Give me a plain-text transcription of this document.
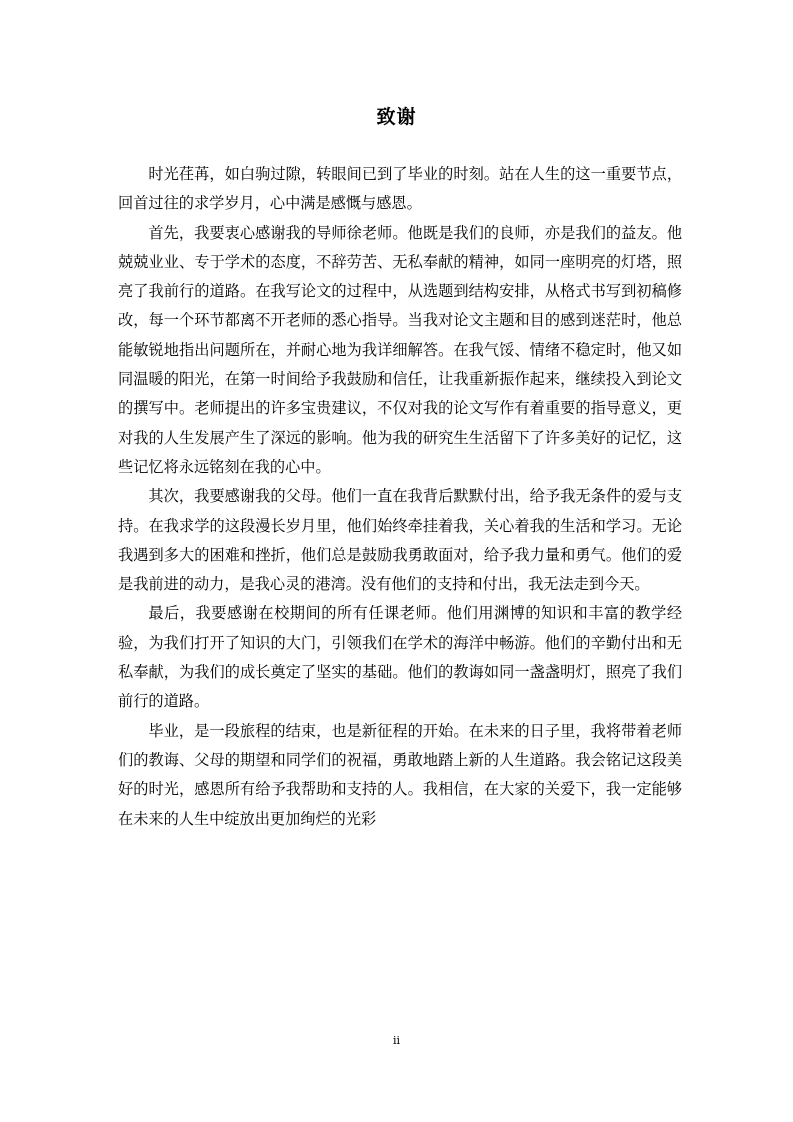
致谢

时光荏苒，如白驹过隙，转眼间已到了毕业的时刻。站在人生的这一重要节点，回首过往的求学岁月，心中满是感慨与感恩。

首先，我要衷心感谢我的导师徐老师。他既是我们的良师，亦是我们的益友。他兢兢业业、专于学术的态度，不辞劳苦、无私奉献的精神，如同一座明亮的灯塔，照亮了我前行的道路。在我写论文的过程中，从选题到结构安排，从格式书写到初稿修改，每一个环节都离不开老师的悉心指导。当我对论文主题和目的感到迷茫时，他总能敏锐地指出问题所在，并耐心地为我详细解答。在我气馁、情绪不稳定时，他又如同温暖的阳光，在第一时间给予我鼓励和信任，让我重新振作起来，继续投入到论文的撰写中。老师提出的许多宝贵建议，不仅对我的论文写作有着重要的指导意义，更对我的人生发展产生了深远的影响。他为我的研究生生活留下了许多美好的记忆，这些记忆将永远铭刻在我的心中。

其次，我要感谢我的父母。他们一直在我背后默默付出，给予我无条件的爱与支持。在我求学的这段漫长岁月里，他们始终牵挂着我，关心着我的生活和学习。无论我遇到多大的困难和挫折，他们总是鼓励我勇敢面对，给予我力量和勇气。他们的爱是我前进的动力，是我心灵的港湾。没有他们的支持和付出，我无法走到今天。

最后，我要感谢在校期间的所有任课老师。他们用渊博的知识和丰富的教学经验，为我们打开了知识的大门，引领我们在学术的海洋中畅游。他们的辛勤付出和无私奉献，为我们的成长奠定了坚实的基础。他们的教诲如同一盏盏明灯，照亮了我们前行的道路。

毕业，是一段旅程的结束，也是新征程的开始。在未来的日子里，我将带着老师们的教诲、父母的期望和同学们的祝福，勇敢地踏上新的人生道路。我会铭记这段美好的时光，感恩所有给予我帮助和支持的人。我相信，在大家的关爱下，我一定能够在未来的人生中绽放出更加绚烂的光彩

ii
